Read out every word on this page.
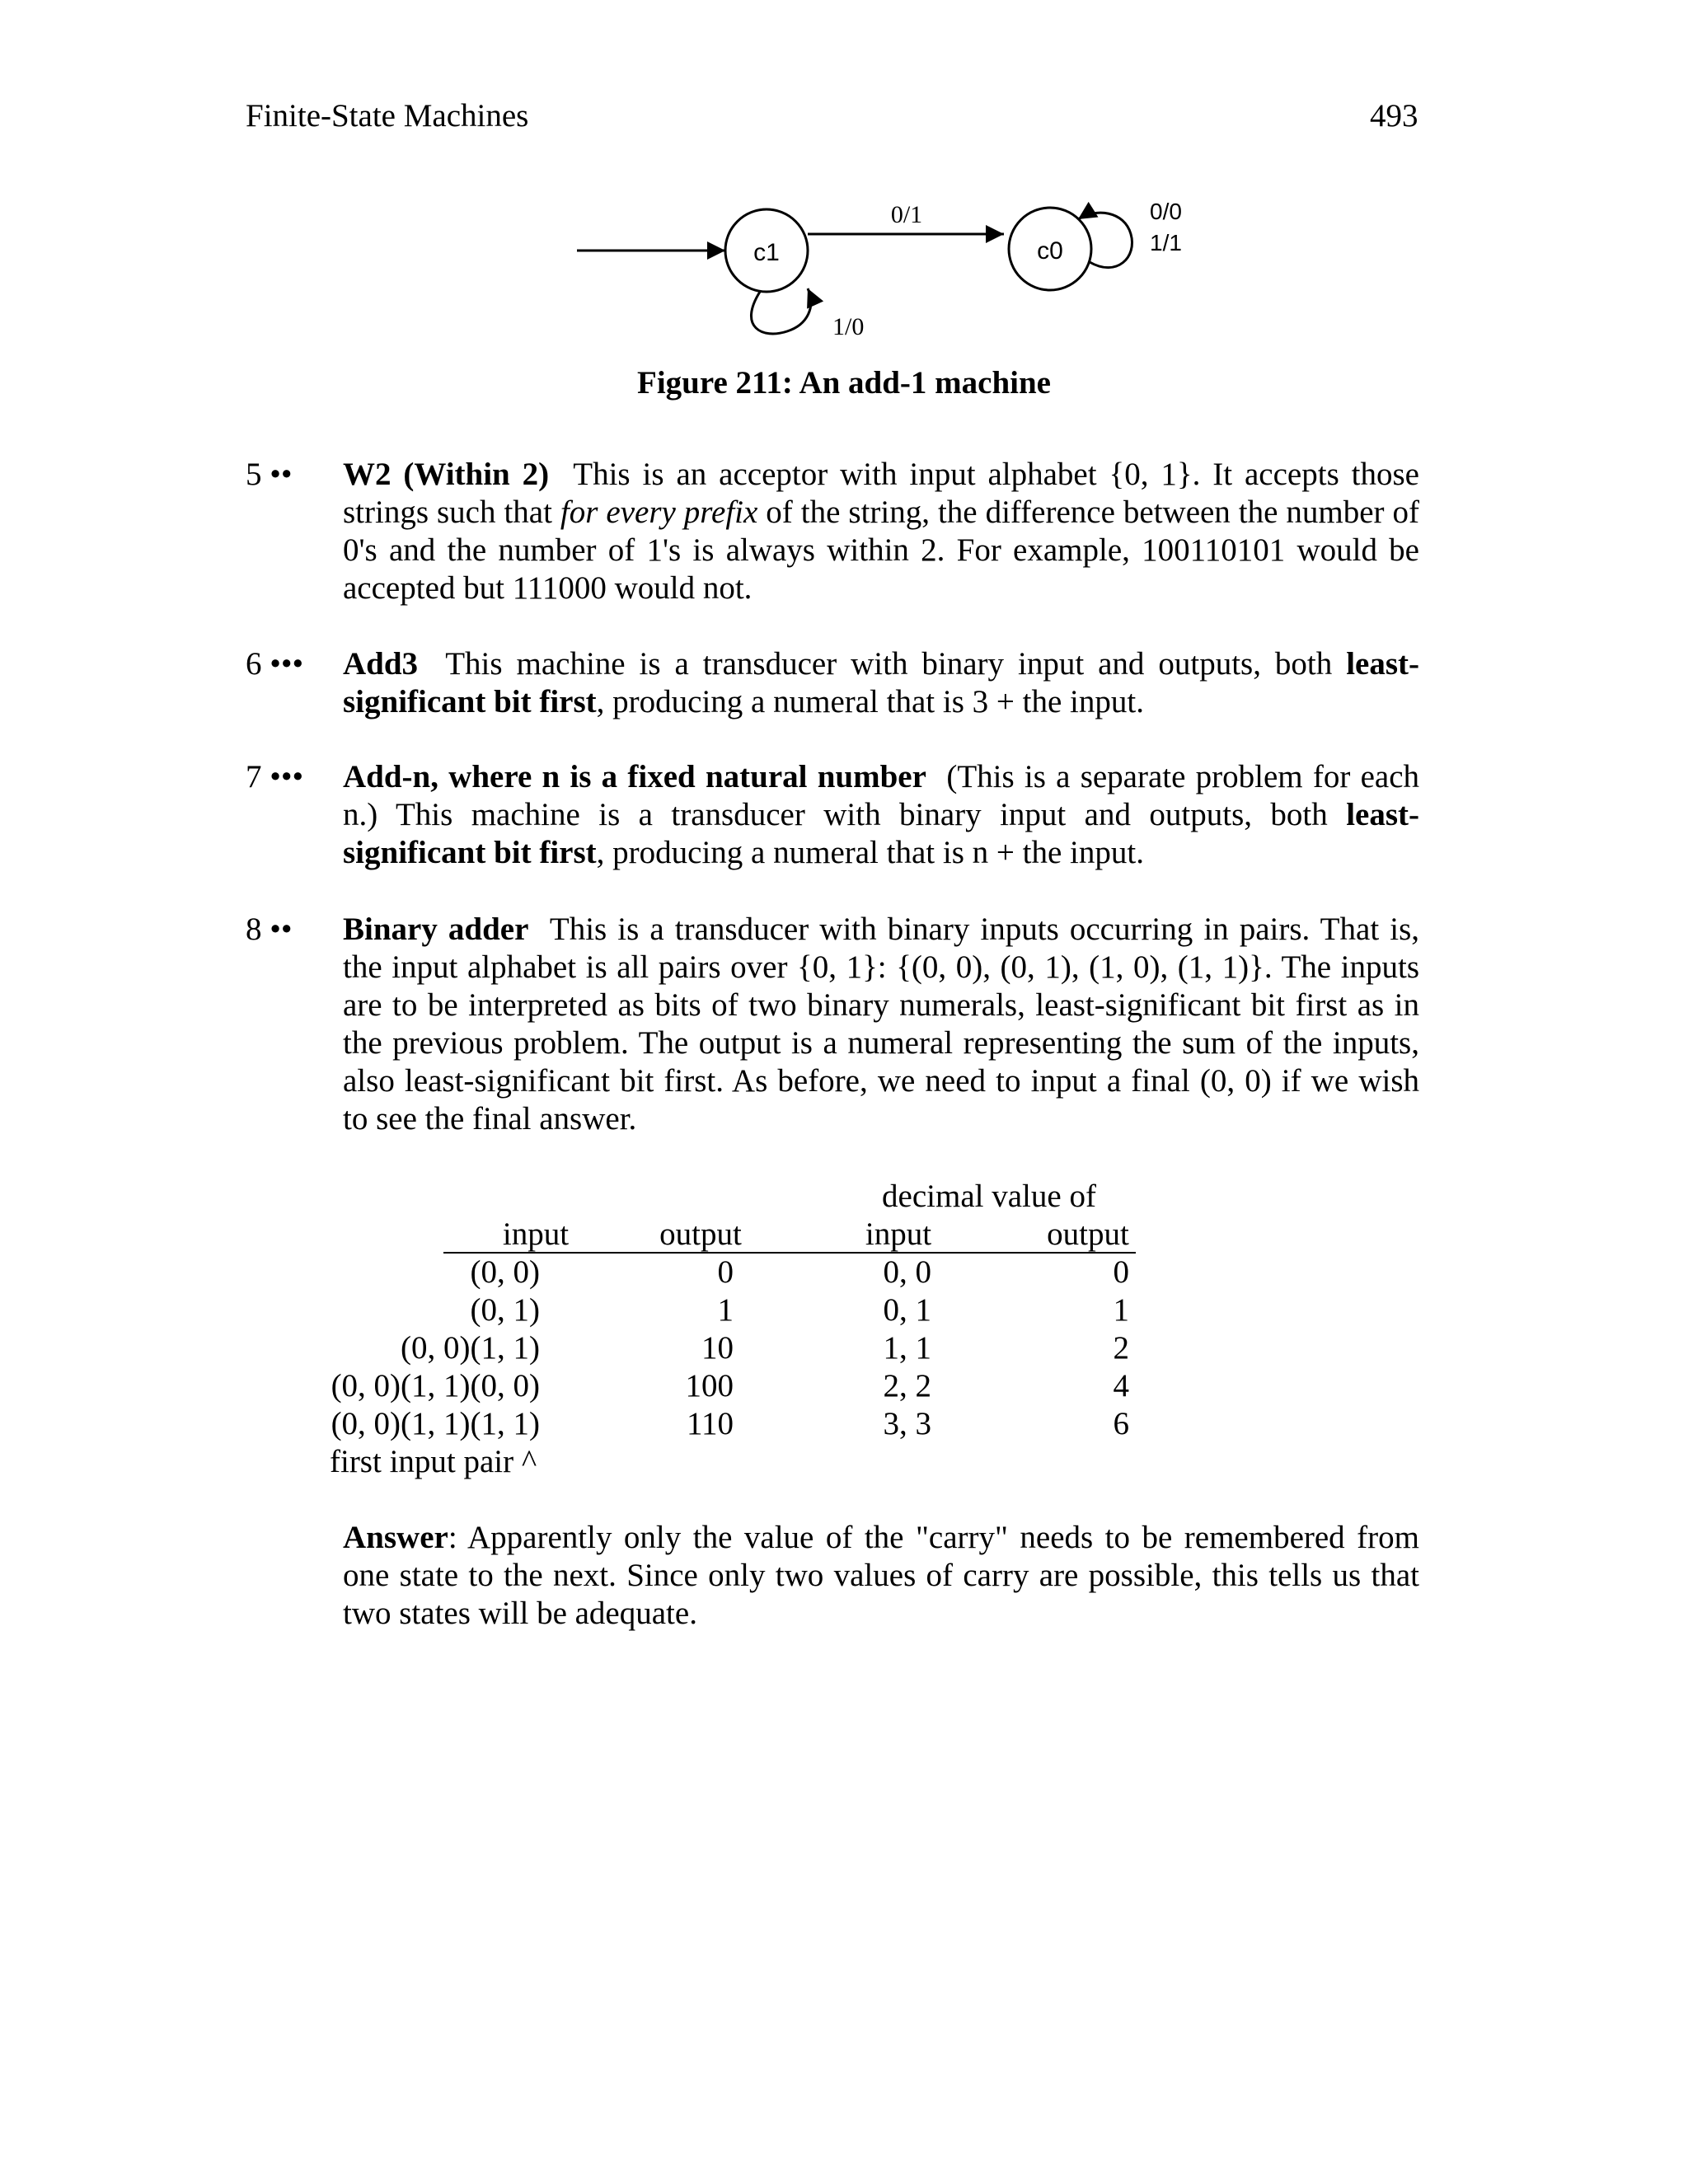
Finite-State Machines	493
c1
1/0
0/1
c0
0/0
1/1
Figure 211: An add-1 machine
5 •• W2 (Within 2) This is an acceptor with input alphabet {0, 1}. It accepts those strings such that for every prefix of the string, the difference between the number of 0's and the number of 1's is always within 2. For example, 100110101 would be accepted but 111000 would not.
6 ••• Add3 This machine is a transducer with binary input and outputs, both least-significant bit first, producing a numeral that is 3 + the input.
7 ••• Add-n, where n is a fixed natural number (This is a separate problem for each n.) This machine is a transducer with binary input and outputs, both least-significant bit first, producing a numeral that is n + the input.
8 •• Binary adder This is a transducer with binary inputs occurring in pairs. That is, the input alphabet is all pairs over {0, 1}: {(0, 0), (0, 1), (1, 0), (1, 1)}. The inputs are to be interpreted as bits of two binary numerals, least-significant bit first as in the previous problem. The output is a numeral representing the sum of the inputs, also least-significant bit first. As before, we need to input a final (0, 0) if we wish to see the final answer.
decimal value of
input	output	input	output
(0, 0)	0	0, 0	0
(0, 1)	1	0, 1	1
(0, 0)(1, 1)	10	1, 1	2
(0, 0)(1, 1)(0, 0)	100	2, 2	4
(0, 0)(1, 1)(1, 1)	110	3, 3	6
first input pair ^
Answer: Apparently only the value of the "carry" needs to be remembered from one state to the next. Since only two values of carry are possible, this tells us that two states will be adequate.
